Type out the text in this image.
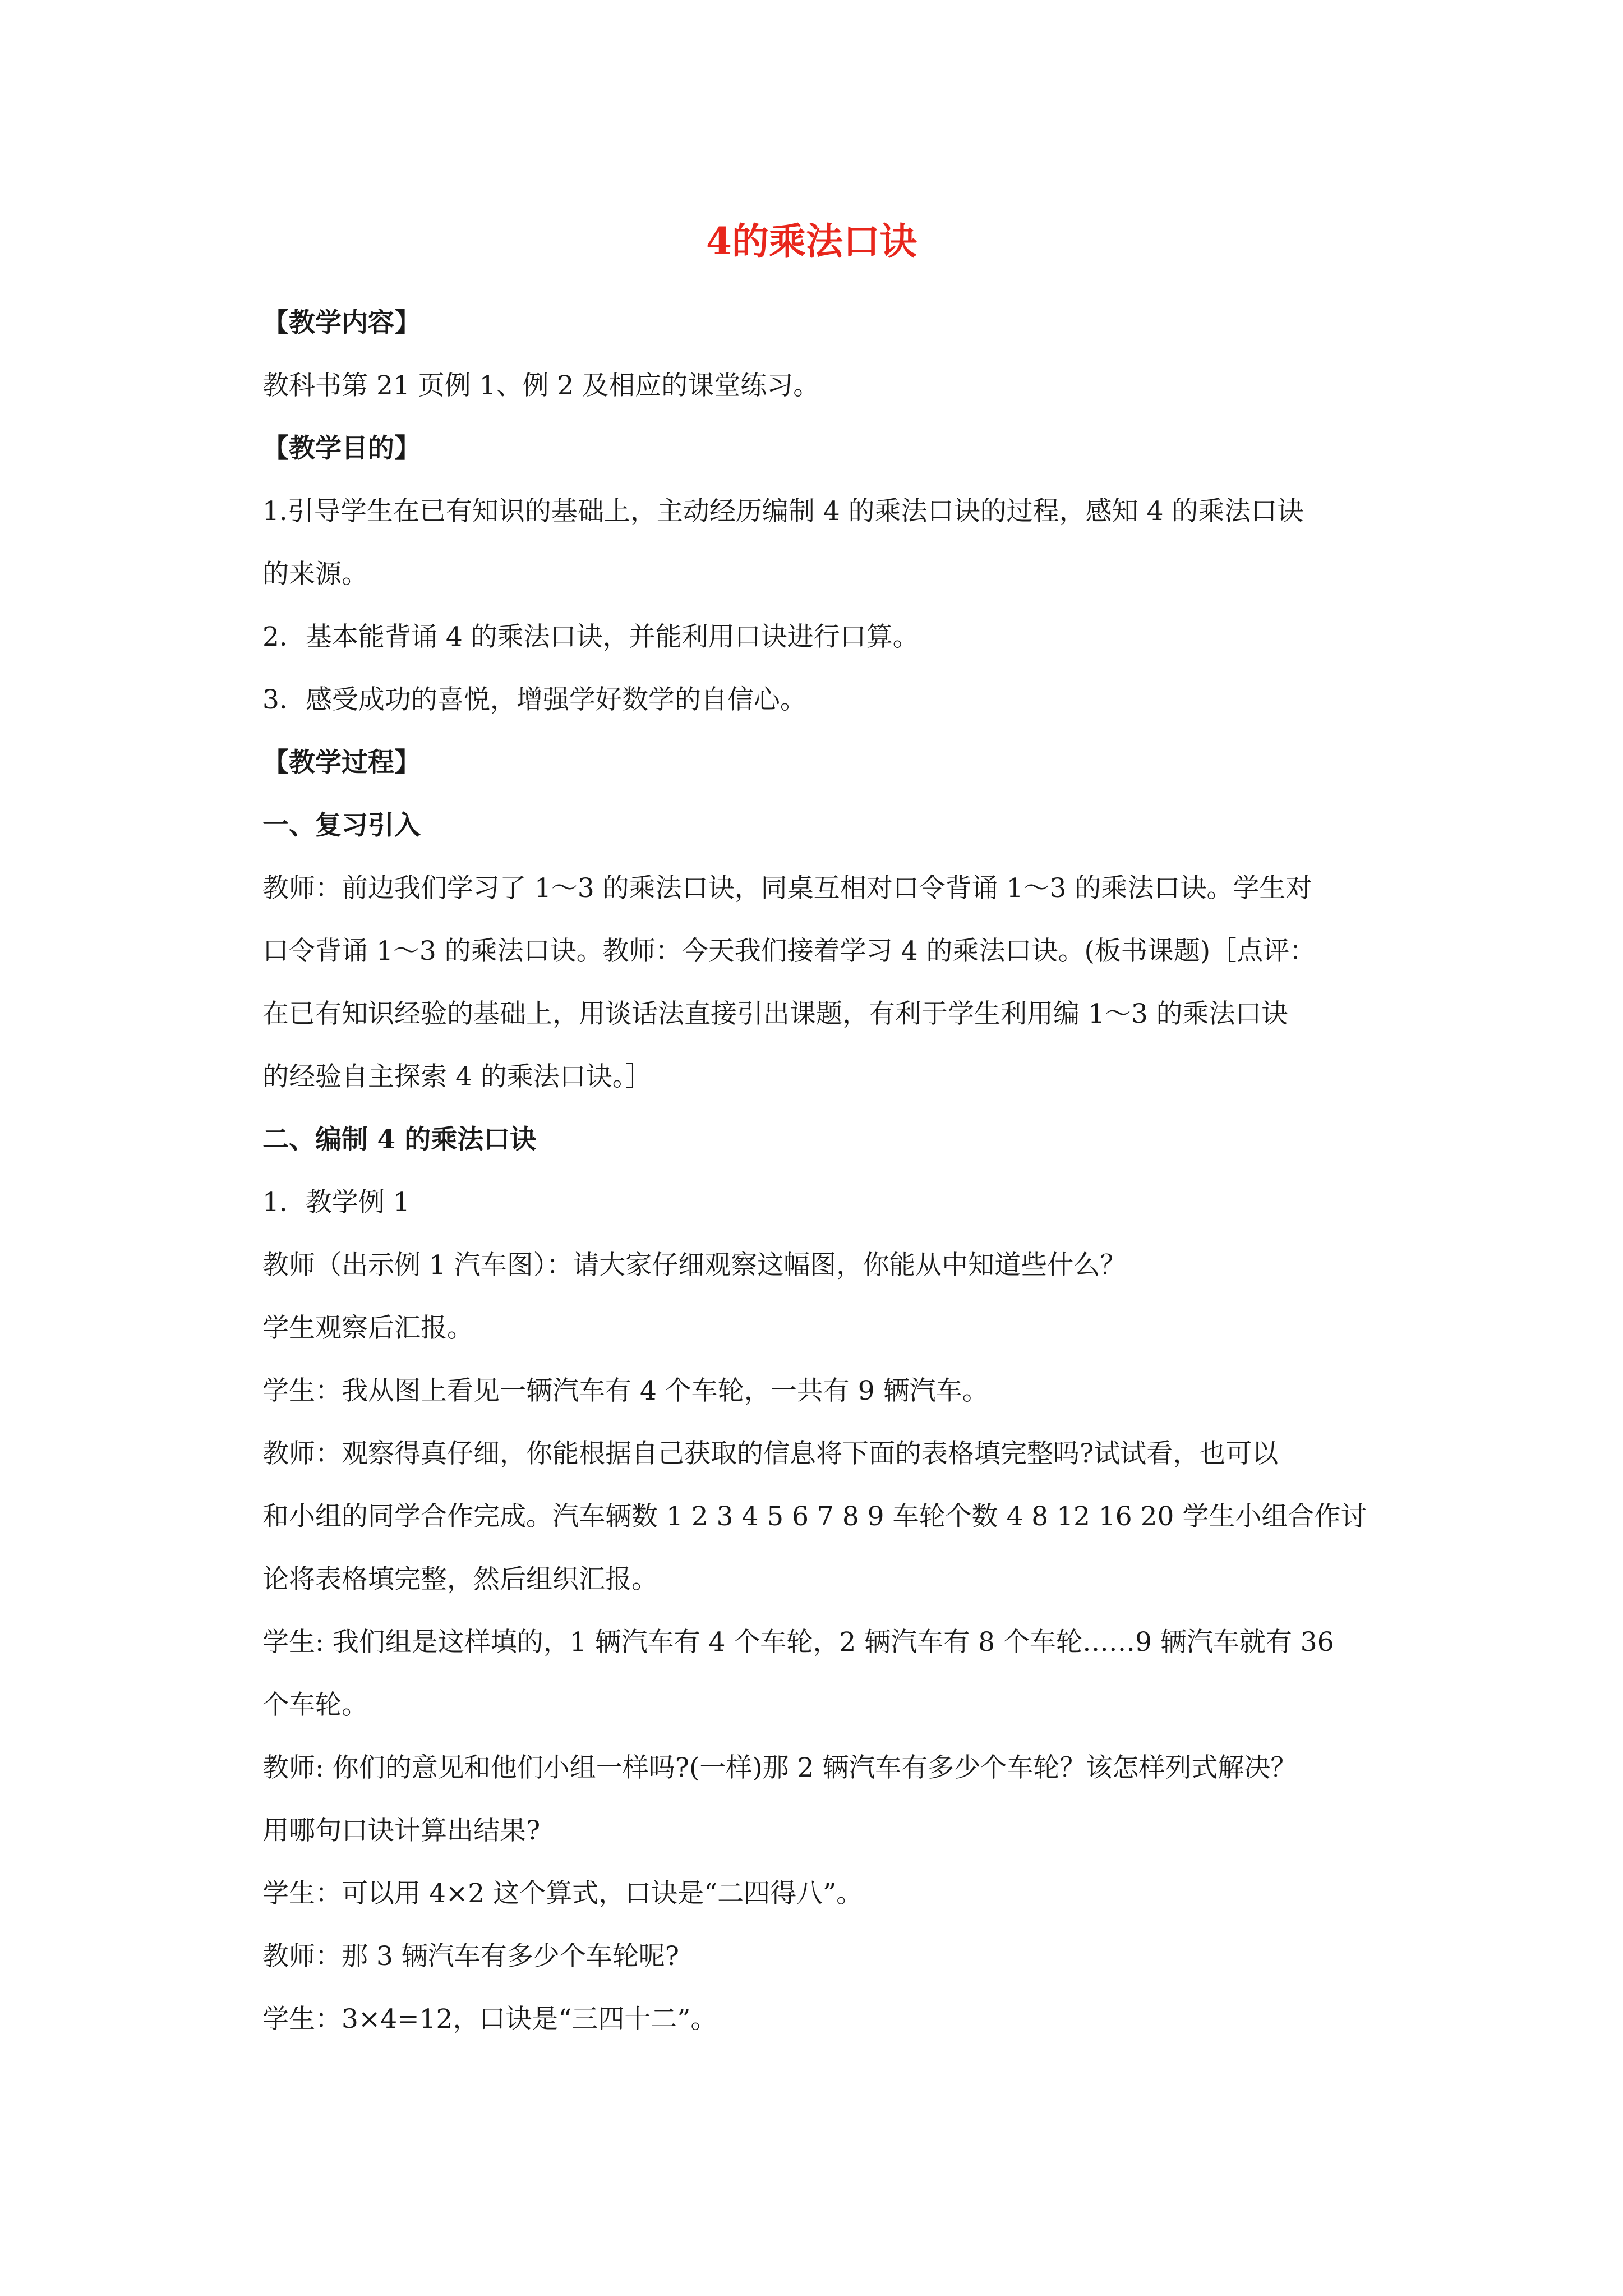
4的乘法口诀

【教学内容】

教科书第 21 页例 1、例 2 及相应的课堂练习。

【教学目的】

1.引导学生在已有知识的基础上，主动经历编制 4 的乘法口诀的过程，感知 4 的乘法口诀

的来源。

2．基本能背诵 4 的乘法口诀，并能利用口诀进行口算。

3．感受成功的喜悦，增强学好数学的自信心。

【教学过程】

一、复习引入

教师：前边我们学习了 1～3 的乘法口诀，同桌互相对口令背诵 1～3 的乘法口诀。学生对

口令背诵 1～3 的乘法口诀。教师：今天我们接着学习 4 的乘法口诀。(板书课题)［点评：

在已有知识经验的基础上，用谈话法直接引出课题，有利于学生利用编 1～3 的乘法口诀

的经验自主探索 4 的乘法口诀。］

二、编制 4 的乘法口诀

1．教学例 1

教师（出示例 1 汽车图）：请大家仔细观察这幅图，你能从中知道些什么？

学生观察后汇报。

学生：我从图上看见一辆汽车有 4 个车轮，一共有 9 辆汽车。

教师：观察得真仔细，你能根据自己获取的信息将下面的表格填完整吗?试试看，也可以

和小组的同学合作完成。汽车辆数 1 2 3 4 5 6 7 8 9 车轮个数 4 8 12 16 20 学生小组合作讨

论将表格填完整，然后组织汇报。

学生: 我们组是这样填的，1 辆汽车有 4 个车轮，2 辆汽车有 8 个车轮……9 辆汽车就有 36

个车轮。

教师: 你们的意见和他们小组一样吗?(一样)那 2 辆汽车有多少个车轮？该怎样列式解决？

用哪句口诀计算出结果?

学生：可以用 4×2 这个算式，口诀是“二四得八”。

教师：那 3 辆汽车有多少个车轮呢?

学生：3×4=12，口诀是“三四十二”。
